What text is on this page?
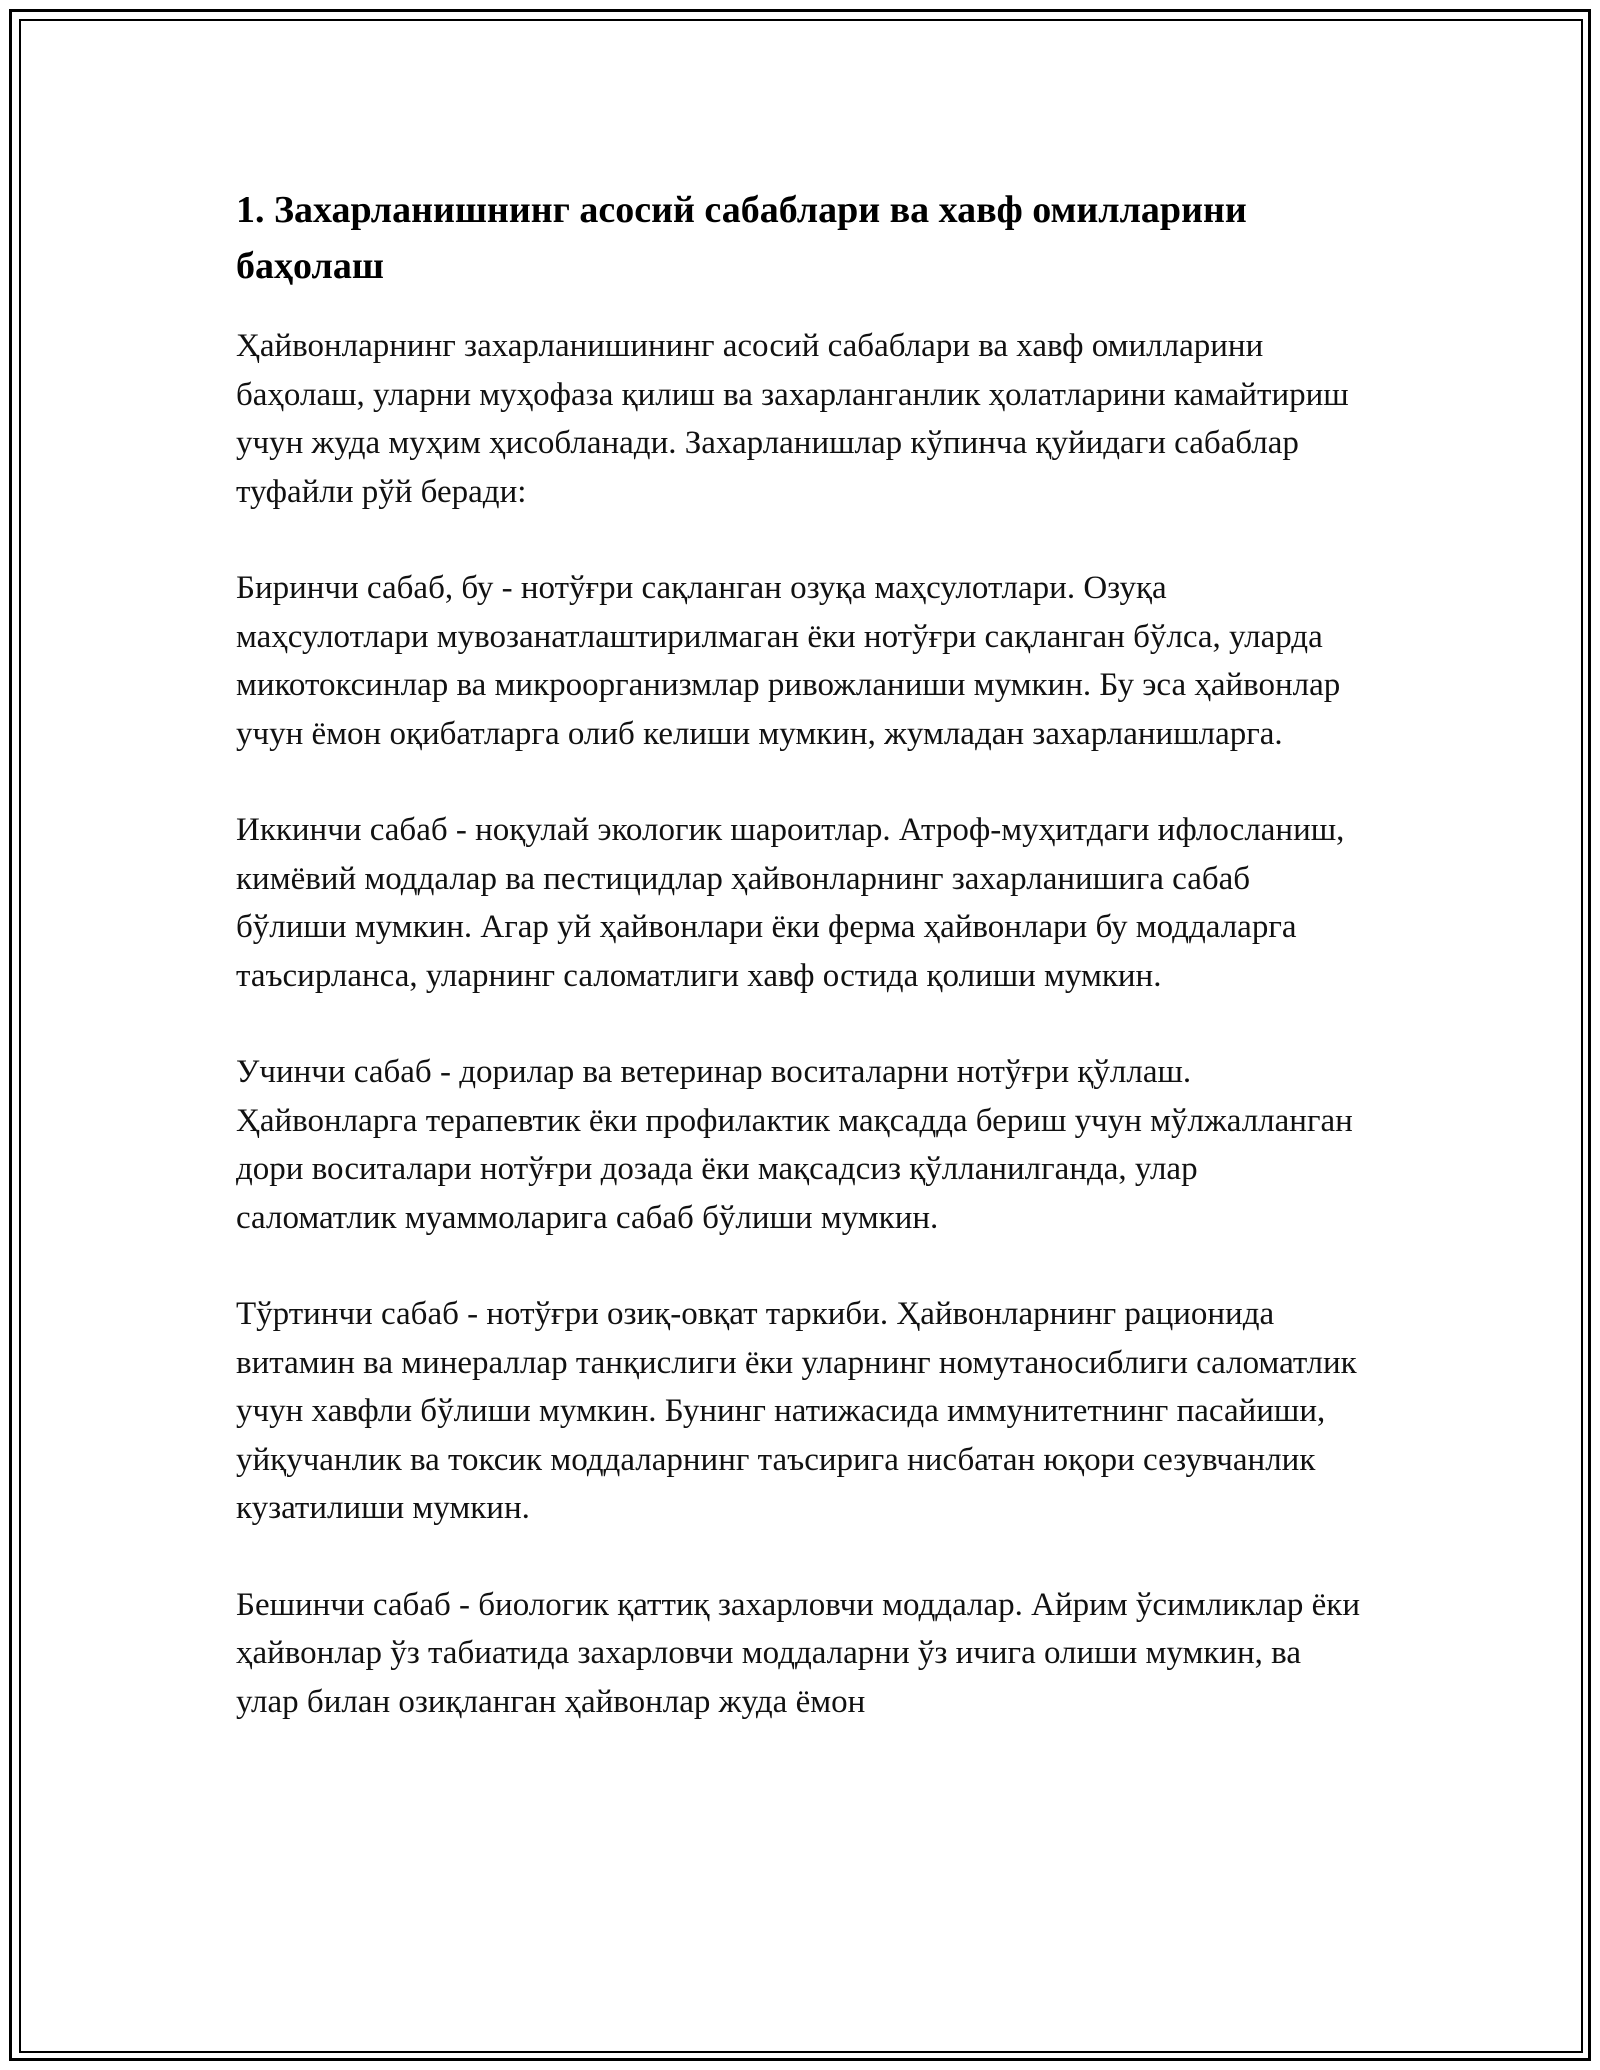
1. Захарланишнинг асосий сабаблари ва хавф омилларини баҳолаш

Ҳайвонларнинг захарланишининг асосий сабаблари ва хавф омилларини баҳолаш, уларни муҳофаза қилиш ва захарланганлик ҳолатларини камайтириш учун жуда муҳим ҳисобланади. Захарланишлар кўпинча қуйидаги сабаблар туфайли рўй беради:

Биринчи сабаб, бу - нотўғри сақланган озуқа маҳсулотлари. Озуқа маҳсулотлари мувозанатлаштирилмаган ёки нотўғри сақланган бўлса, уларда микотоксинлар ва микроорганизмлар ривожланиши мумкин. Бу эса ҳайвонлар учун ёмон оқибатларга олиб келиши мумкин, жумладан захарланишларга.

Иккинчи сабаб - ноқулай экологик шароитлар. Атроф-муҳитдаги ифлосланиш, кимёвий моддалар ва пестицидлар ҳайвонларнинг захарланишига сабаб бўлиши мумкин. Агар уй ҳайвонлари ёки ферма ҳайвонлари бу моддаларга таъсирланса, уларнинг саломатлиги хавф остида қолиши мумкин.

Учинчи сабаб - дорилар ва ветеринар воситаларни нотўғри қўллаш. Ҳайвонларга терапевтик ёки профилактик мақсадда бериш учун мўлжалланган дори воситалари нотўғри дозада ёки мақсадсиз қўлланилганда, улар саломатлик муаммоларига сабаб бўлиши мумкин.

Тўртинчи сабаб - нотўғри озиқ-овқат таркиби. Ҳайвонларнинг рационида витамин ва минераллар танқислиги ёки уларнинг номутаносиблиги саломатлик учун хавфли бўлиши мумкин. Бунинг натижасида иммунитетнинг пасайиши, уйқучанлик ва токсик моддаларнинг таъсирига нисбатан юқори сезувчанлик кузатилиши мумкин.

Бешинчи сабаб - биологик қаттиқ захарловчи моддалар. Айрим ўсимликлар ёки ҳайвонлар ўз табиатида захарловчи моддаларни ўз ичига олиши мумкин, ва улар билан озиқланган ҳайвонлар жуда ёмон
